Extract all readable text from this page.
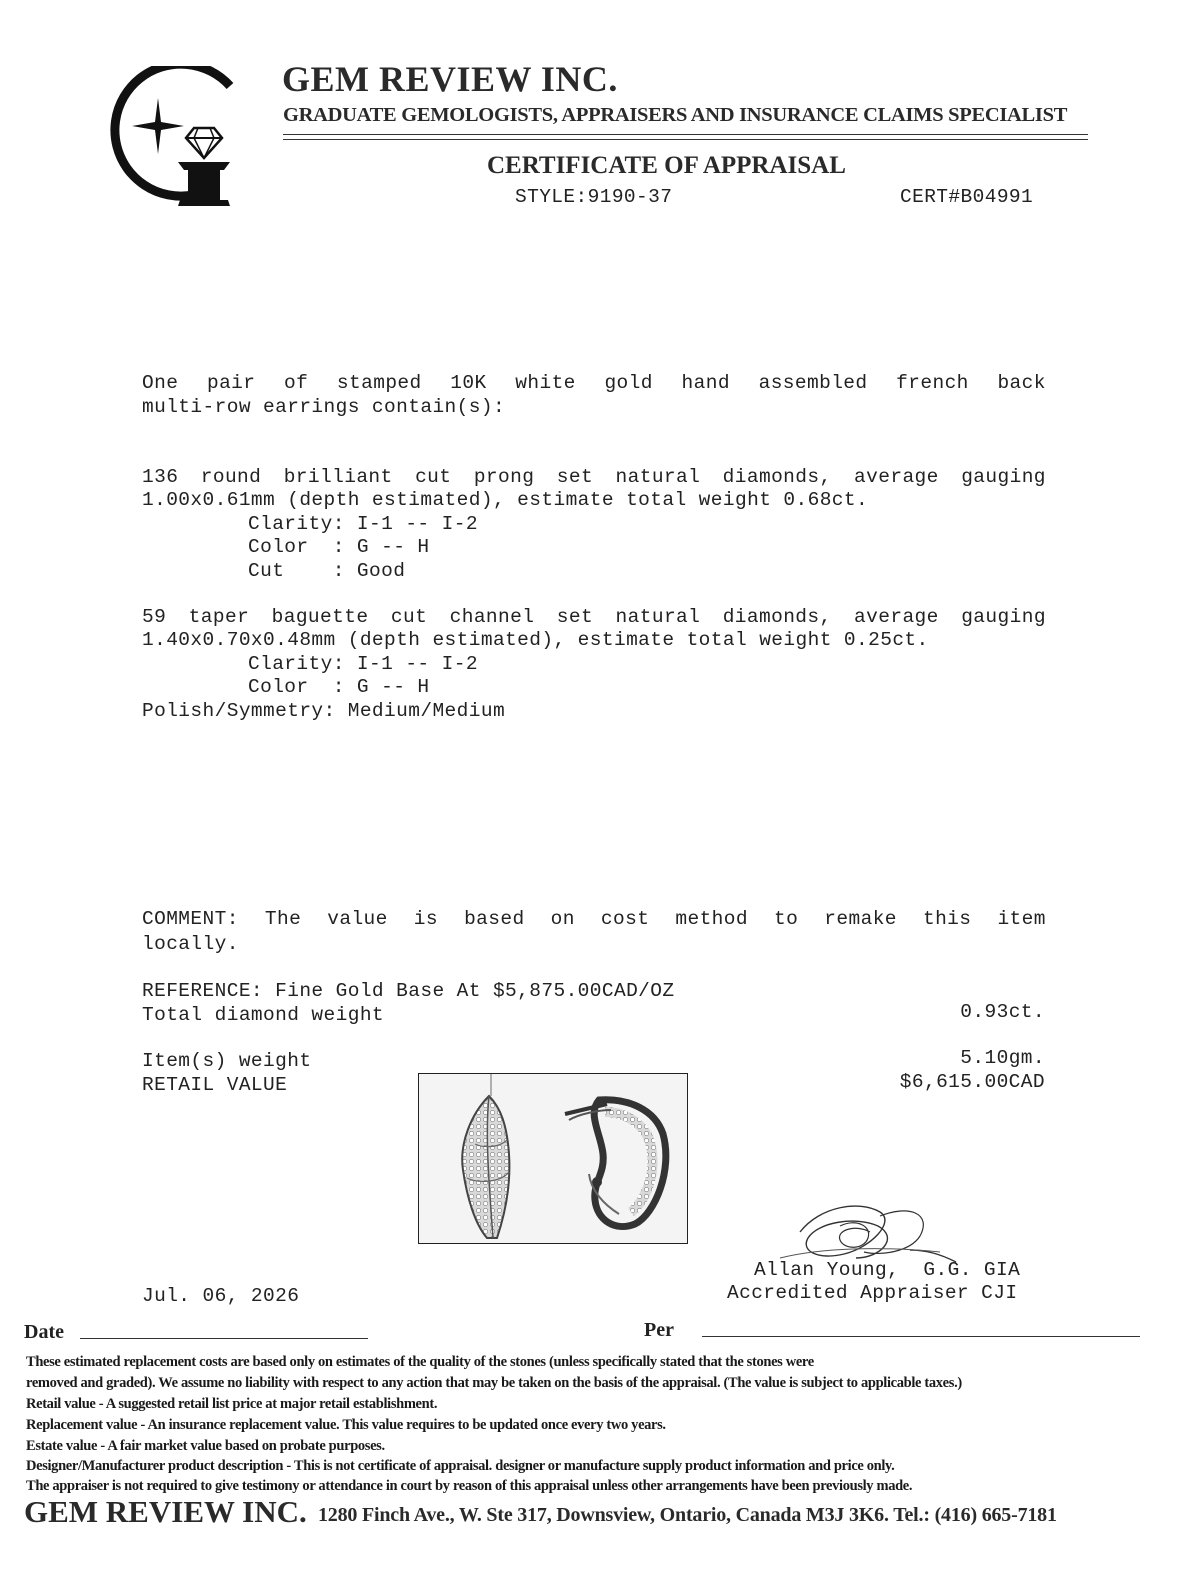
GEM REVIEW INC.
GRADUATE GEMOLOGISTS, APPRAISERS AND INSURANCE CLAIMS SPECIALIST
CERTIFICATE OF APPRAISAL
STYLE:9190-37	CERT#B04991
One pair of stamped 10K white gold hand assembled french back
multi-row earrings contain(s):
136 round brilliant cut prong set natural diamonds, average gauging
1.00x0.61mm (depth estimated), estimate total weight 0.68ct.
Clarity: I-1 -- I-2
Color  : G -- H
Cut    : Good
59 taper baguette cut channel set natural diamonds, average gauging
1.40x0.70x0.48mm (depth estimated), estimate total weight 0.25ct.
Clarity: I-1 -- I-2
Color  : G -- H
Polish/Symmetry: Medium/Medium
COMMENT: The value is based on cost method to remake this item
locally.
REFERENCE: Fine Gold Base At $5,875.00CAD/OZ
Total diamond weight	0.93ct.
Item(s) weight	5.10gm.
RETAIL VALUE	$6,615.00CAD
Allan Young,  G.G. GIA
Accredited Appraiser CJI
Jul. 06, 2026
Date	Per
These estimated replacement costs are based only on estimates of the quality of the stones (unless specifically stated that the stones were
removed and graded). We assume no liability with respect to any action that may be taken on the basis of the appraisal. (The value is subject to applicable taxes.)
Retail value - A suggested retail list price at major retail establishment.
Replacement value - An insurance replacement value. This value requires to be updated once every two years.
Estate value - A fair market value based on probate purposes.
Designer/Manufacturer product description - This is not certificate of appraisal. designer or manufacture supply product information and price only.
The appraiser is not required to give testimony or attendance in court by reason of this appraisal unless other arrangements have been previously made.
GEM REVIEW INC. 1280 Finch Ave., W. Ste 317, Downsview, Ontario, Canada M3J 3K6. Tel.: (416) 665-7181
